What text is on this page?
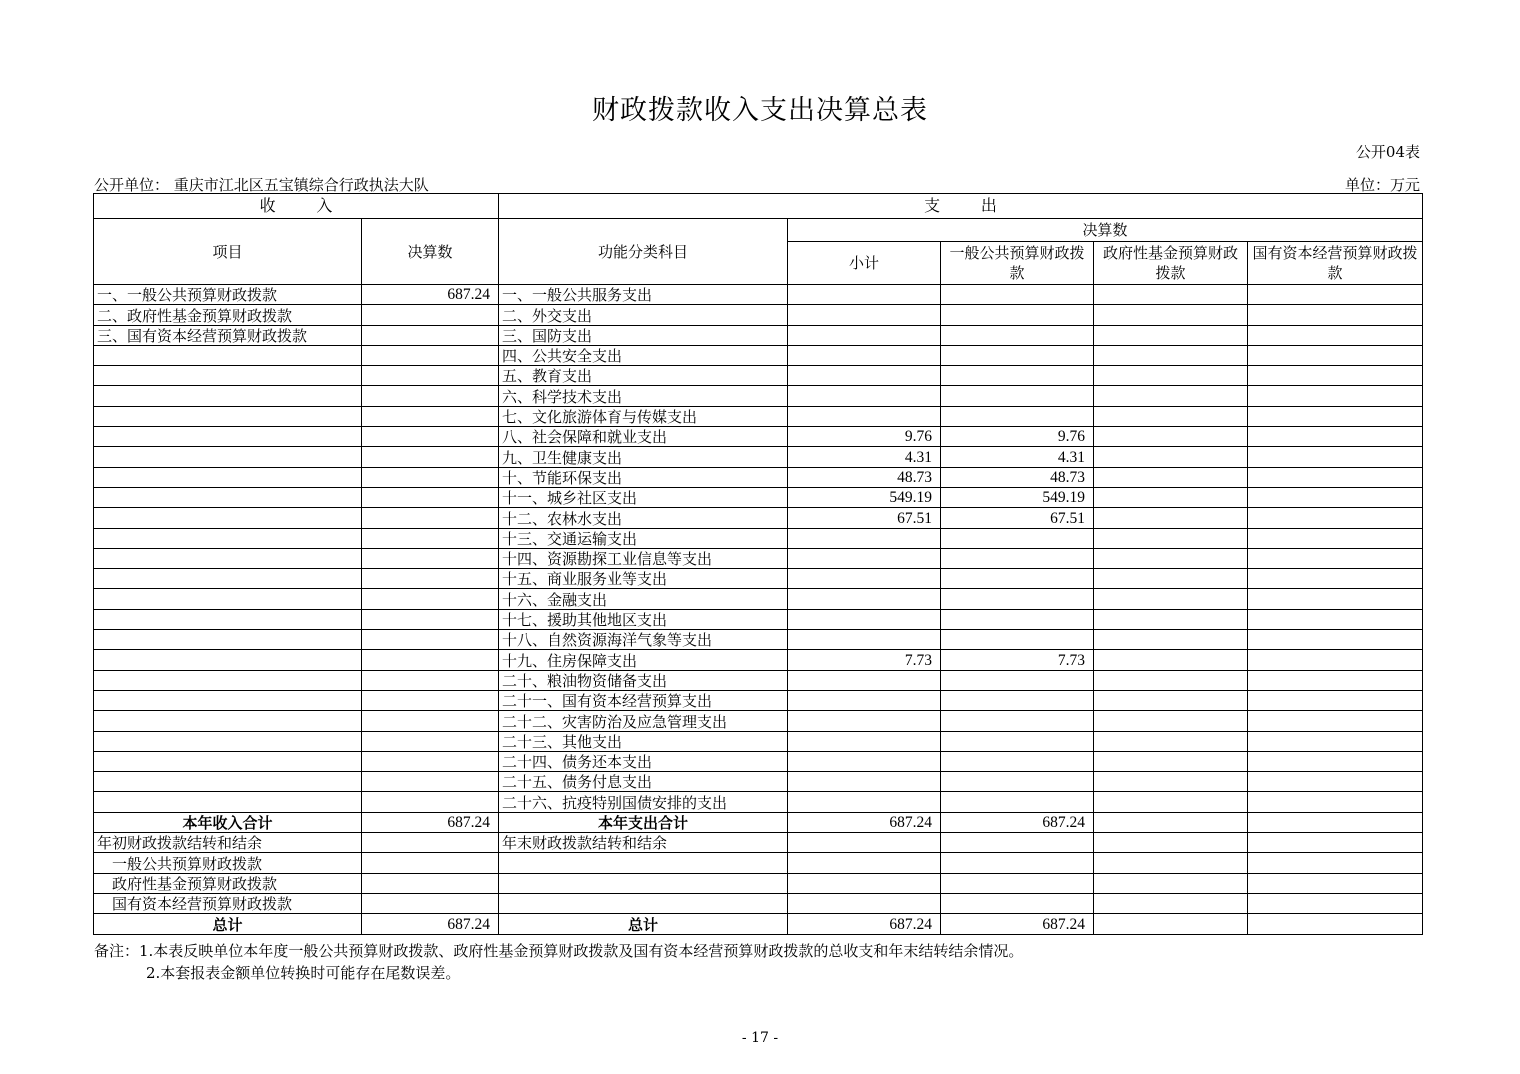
财政拨款收入支出决算总表
公开04表
公开单位： 重庆市江北区五宝镇综合行政执法大队	单位：万元
收        入		支        出				
项目	决算数	功能分类科目	决算数			
			小计	一般公共预算财政拨款	政府性基金预算财政拨款	国有资本经营预算财政拨款
一、一般公共预算财政拨款	687.24	一、一般公共服务支出				
二、政府性基金预算财政拨款		二、外交支出				
三、国有资本经营预算财政拨款		三、国防支出				
		四、公共安全支出				
		五、教育支出				
		六、科学技术支出				
		七、文化旅游体育与传媒支出				
		八、社会保障和就业支出	9.76	9.76		
		九、卫生健康支出	4.31	4.31		
		十、节能环保支出	48.73	48.73		
		十一、城乡社区支出	549.19	549.19		
		十二、农林水支出	67.51	67.51		
		十三、交通运输支出				
		十四、资源勘探工业信息等支出				
		十五、商业服务业等支出				
		十六、金融支出				
		十七、援助其他地区支出				
		十八、自然资源海洋气象等支出				
		十九、住房保障支出	7.73	7.73		
		二十、粮油物资储备支出				
		二十一、国有资本经营预算支出				
		二十二、灾害防治及应急管理支出				
		二十三、其他支出				
		二十四、债务还本支出				
		二十五、债务付息支出				
		二十六、抗疫特别国债安排的支出				
本年收入合计	687.24	本年支出合计	687.24	687.24		
年初财政拨款结转和结余		年末财政拨款结转和结余				
一般公共预算财政拨款						
政府性基金预算财政拨款						
国有资本经营预算财政拨款						
总计	687.24	总计	687.24	687.24		
备注：1.本表反映单位本年度一般公共预算财政拨款、政府性基金预算财政拨款及国有资本经营预算财政拨款的总收支和年末结转结余情况。
2.本套报表金额单位转换时可能存在尾数误差。
- 17 -
